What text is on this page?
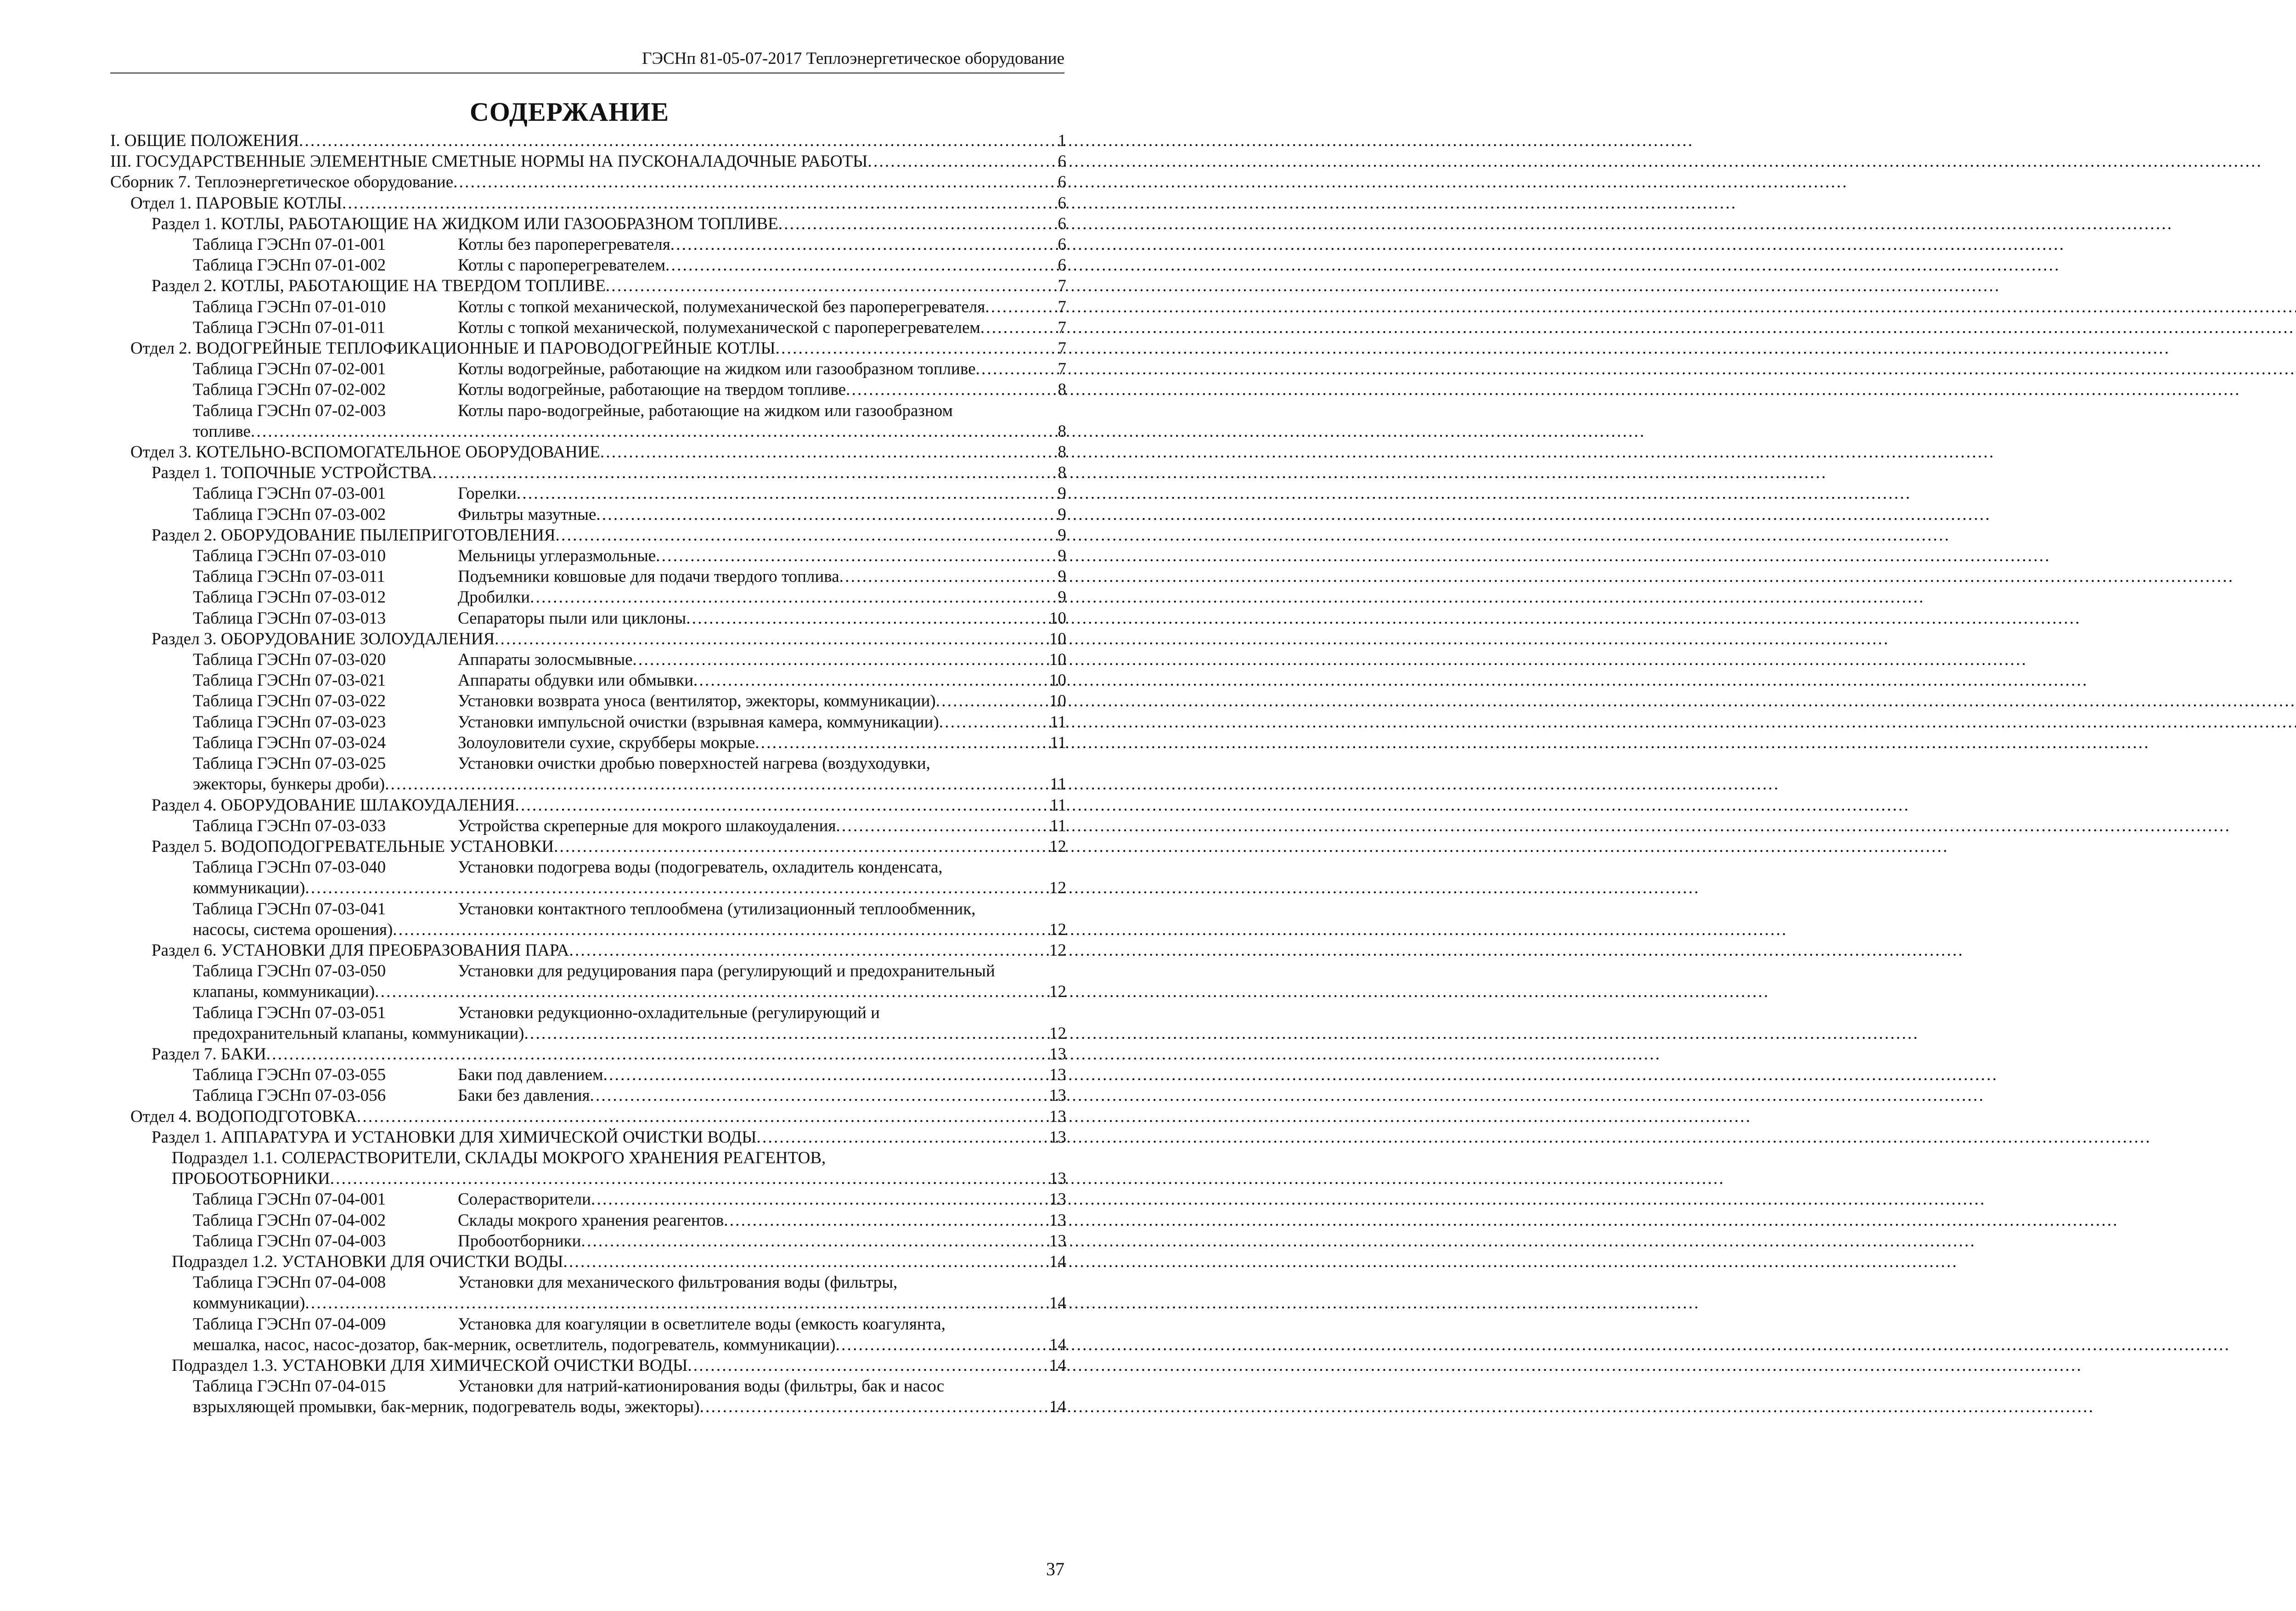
ГЭСНп 81-05-07-2017 Теплоэнергетическое оборудование
СОДЕРЖАНИЕ
I. ОБЩИЕ ПОЛОЖЕНИЯ . . .	1
III. ГОСУДАРСТВЕННЫЕ ЭЛЕМЕНТНЫЕ СМЕТНЫЕ НОРМЫ НА ПУСКОНАЛАДОЧНЫЕ РАБОТЫ . . .	6
Сборник 7. Теплоэнергетическое оборудование . . .	6
Отдел 1. ПАРОВЫЕ КОТЛЫ . . .	6
Раздел 1. КОТЛЫ, РАБОТАЮЩИЕ НА ЖИДКОМ ИЛИ ГАЗООБРАЗНОМ ТОПЛИВЕ . . .	6
Таблица ГЭСНп 07-01-001	Котлы без пароперегревателя . . .	6
Таблица ГЭСНп 07-01-002	Котлы с пароперегревателем . . .	6
Раздел 2. КОТЛЫ, РАБОТАЮЩИЕ НА ТВЕРДОМ ТОПЛИВЕ . . .	7
Таблица ГЭСНп 07-01-010	Котлы с топкой механической, полумеханической без пароперегревателя . . .	7
Таблица ГЭСНп 07-01-011	Котлы с топкой механической, полумеханической с пароперегревателем . . .	7
Отдел 2. ВОДОГРЕЙНЫЕ ТЕПЛОФИКАЦИОННЫЕ И ПАРОВОДОГРЕЙНЫЕ КОТЛЫ . . .	7
Таблица ГЭСНп 07-02-001	Котлы водогрейные, работающие на жидком или газообразном топливе . . .	7
Таблица ГЭСНп 07-02-002	Котлы водогрейные, работающие на твердом топливе . . .	8
Таблица ГЭСНп 07-02-003	Котлы паро-водогрейные, работающие на жидком или газообразном
топливе . . .	8
Отдел 3. КОТЕЛЬНО-ВСПОМОГАТЕЛЬНОЕ ОБОРУДОВАНИЕ . . .	8
Раздел 1. ТОПОЧНЫЕ УСТРОЙСТВА . . .	8
Таблица ГЭСНп 07-03-001	Горелки . . .	9
Таблица ГЭСНп 07-03-002	Фильтры мазутные . . .	9
Раздел 2. ОБОРУДОВАНИЕ ПЫЛЕПРИГОТОВЛЕНИЯ . . .	9
Таблица ГЭСНп 07-03-010	Мельницы углеразмольные . . .	9
Таблица ГЭСНп 07-03-011	Подъемники ковшовые для подачи твердого топлива . . .	9
Таблица ГЭСНп 07-03-012	Дробилки . . .	9
Таблица ГЭСНп 07-03-013	Сепараторы пыли или циклоны . . .	10
Раздел 3. ОБОРУДОВАНИЕ ЗОЛОУДАЛЕНИЯ . . .	10
Таблица ГЭСНп 07-03-020	Аппараты золосмывные . . .	10
Таблица ГЭСНп 07-03-021	Аппараты обдувки или обмывки . . .	10
Таблица ГЭСНп 07-03-022	Установки возврата уноса (вентилятор, эжекторы, коммуникации) . . .	10
Таблица ГЭСНп 07-03-023	Установки импульсной очистки (взрывная камера, коммуникации) . . .	11
Таблица ГЭСНп 07-03-024	Золоуловители сухие, скрубберы мокрые . . .	11
Таблица ГЭСНп 07-03-025	Установки очистки дробью поверхностей нагрева (воздуходувки,
эжекторы, бункеры дроби) . . .	11
Раздел 4. ОБОРУДОВАНИЕ ШЛАКОУДАЛЕНИЯ . . .	11
Таблица ГЭСНп 07-03-033	Устройства скреперные для мокрого шлакоудаления . . .	11
Раздел 5. ВОДОПОДОГРЕВАТЕЛЬНЫЕ УСТАНОВКИ . . .	12
Таблица ГЭСНп 07-03-040	Установки подогрева воды (подогреватель, охладитель конденсата,
коммуникации) . . .	12
Таблица ГЭСНп 07-03-041	Установки контактного теплообмена (утилизационный теплообменник,
насосы, система орошения) . . .	12
Раздел 6. УСТАНОВКИ ДЛЯ ПРЕОБРАЗОВАНИЯ ПАРА . . .	12
Таблица ГЭСНп 07-03-050	Установки для редуцирования пара (регулирующий и предохранительный
клапаны, коммуникации) . . .	12
Таблица ГЭСНп 07-03-051	Установки редукционно-охладительные (регулирующий и
предохранительный клапаны, коммуникации) . . .	12
Раздел 7. БАКИ . . .	13
Таблица ГЭСНп 07-03-055	Баки под давлением . . .	13
Таблица ГЭСНп 07-03-056	Баки без давления . . .	13
Отдел 4. ВОДОПОДГОТОВКА . . .	13
Раздел 1. АППАРАТУРА И УСТАНОВКИ ДЛЯ ХИМИЧЕСКОЙ ОЧИСТКИ ВОДЫ . . .	13
Подраздел 1.1. СОЛЕРАСТВОРИТЕЛИ, СКЛАДЫ МОКРОГО ХРАНЕНИЯ РЕАГЕНТОВ,
ПРОБООТБОРНИКИ . . .	13
Таблица ГЭСНп 07-04-001	Солерастворители . . .	13
Таблица ГЭСНп 07-04-002	Склады мокрого хранения реагентов . . .	13
Таблица ГЭСНп 07-04-003	Пробоотборники . . .	13
Подраздел 1.2. УСТАНОВКИ ДЛЯ ОЧИСТКИ ВОДЫ . . .	14
Таблица ГЭСНп 07-04-008	Установки для механического фильтрования воды (фильтры,
коммуникации) . . .	14
Таблица ГЭСНп 07-04-009	Установка для коагуляции в осветлителе воды (емкость коагулянта,
мешалка, насос, насос-дозатор, бак-мерник, осветлитель, подогреватель, коммуникации) . . .	14
Подраздел 1.3. УСТАНОВКИ ДЛЯ ХИМИЧЕСКОЙ ОЧИСТКИ ВОДЫ . . .	14
Таблица ГЭСНп 07-04-015	Установки для натрий-катионирования воды (фильтры, бак и насос
взрыхляющей промывки, бак-мерник, подогреватель воды, эжекторы) . . .	14
37
